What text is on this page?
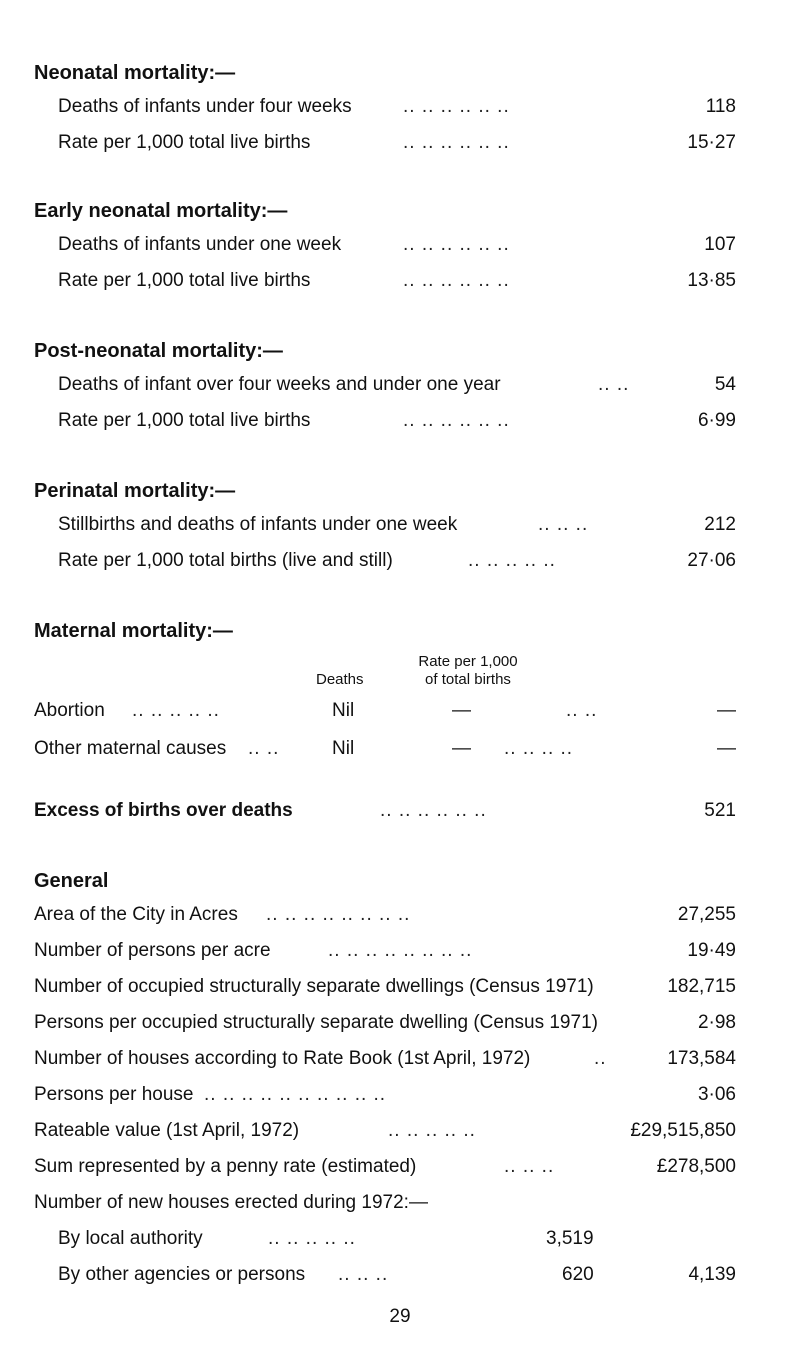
Neonatal mortality:—
Deaths of infants under four weeks	.. .. .. .. .. ..	118
Rate per 1,000 total live births	.. .. .. .. .. ..	15·27
Early neonatal mortality:—
Deaths of infants under one week	.. .. .. .. .. ..	107
Rate per 1,000 total live births	.. .. .. .. .. ..	13·85
Post-neonatal mortality:—
Deaths of infant over four weeks and under one year	.. ..	54
Rate per 1,000 total live births	.. .. .. .. .. ..	6·99
Perinatal mortality:—
Stillbirths and deaths of infants under one week	.. .. ..	212
Rate per 1,000 total births (live and still)	.. .. .. .. ..	27·06
Maternal mortality:—
Deaths
Rate per 1,000
of total births
Abortion .. .. .. .. ..	Nil	—	.. ..	—
Other maternal causes .. ..	Nil	— .. .. .. ..	—
Excess of births over deaths	.. .. .. .. .. ..	521
General
Area of the City in Acres .. .. .. .. .. .. .. ..	27,255
Number of persons per acre	.. .. .. .. .. .. .. ..	19·49
Number of occupied structurally separate dwellings (Census 1971)	182,715
Persons per occupied structurally separate dwelling (Census 1971)	2·98
Number of houses according to Rate Book (1st April, 1972)	..	173,584
Persons per house .. .. .. .. .. .. .. .. .. ..	3·06
Rateable value (1st April, 1972)	.. .. .. .. ..	£29,515,850
Sum represented by a penny rate (estimated)	.. .. ..	£278,500
Number of new houses erected during 1972:—
By local authority	.. .. .. .. ..	3,519
By other agencies or persons .. .. ..	620	4,139
29
